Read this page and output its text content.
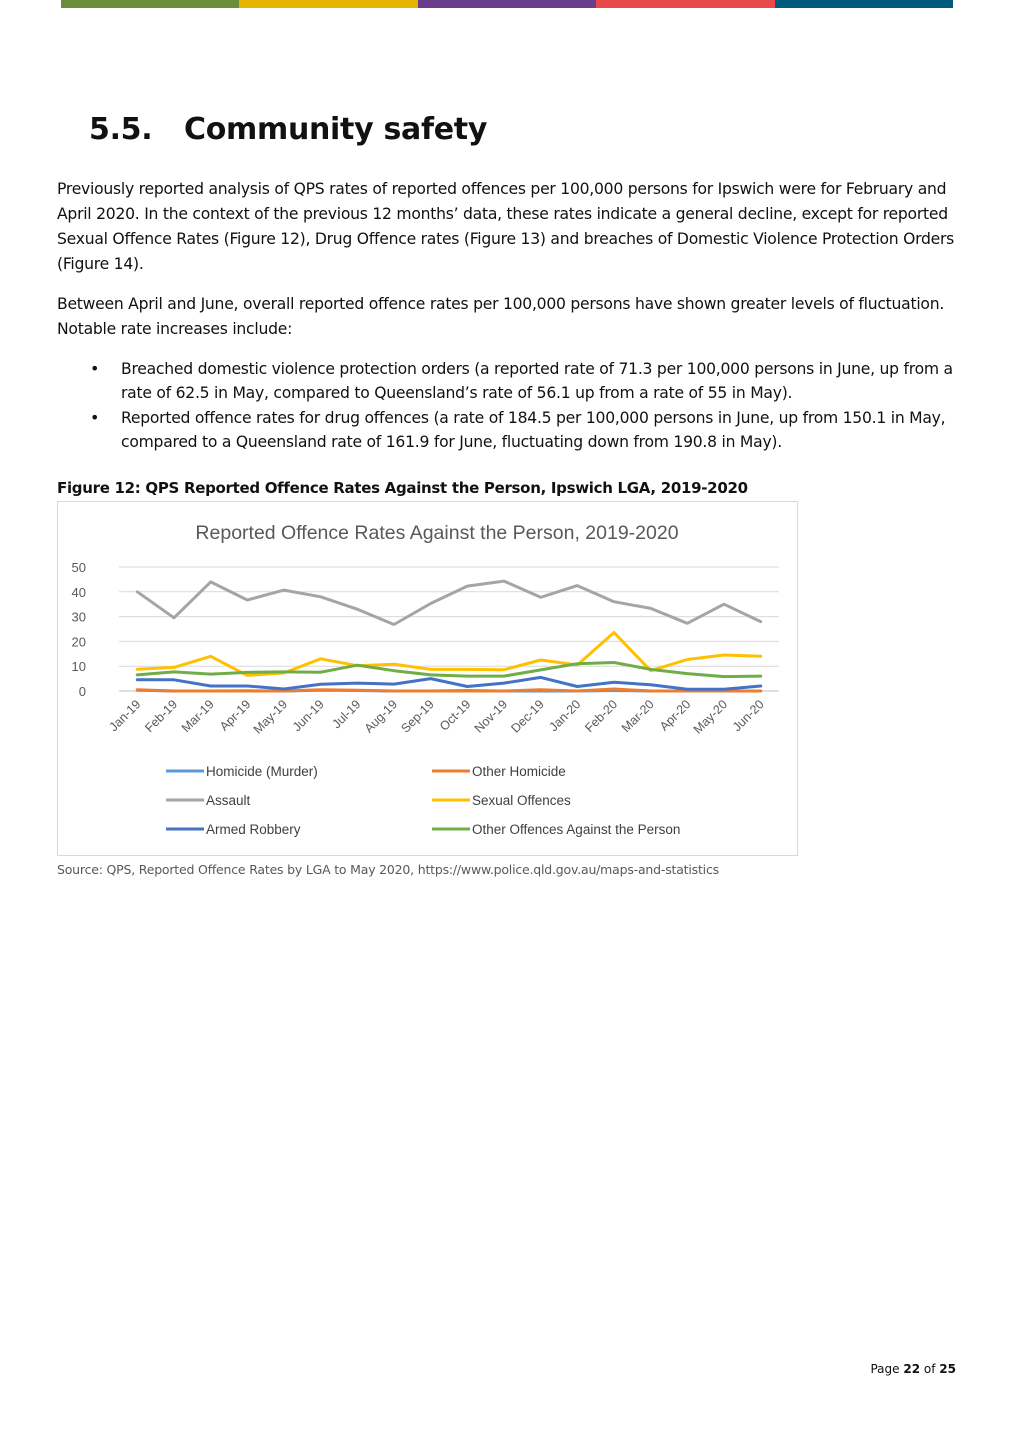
5.5. Community safety

Previously reported analysis of QPS rates of reported offences per 100,000 persons for Ipswich were for February and April 2020. In the context of the previous 12 months’ data, these rates indicate a general decline, except for reported Sexual Offence Rates (Figure 12), Drug Offence rates (Figure 13) and breaches of Domestic Violence Protection Orders (Figure 14).

Between April and June, overall reported offence rates per 100,000 persons have shown greater levels of fluctuation. Notable rate increases include:

• Breached domestic violence protection orders (a reported rate of 71.3 per 100,000 persons in June, up from a rate of 62.5 in May, compared to Queensland’s rate of 56.1 up from a rate of 55 in May).
• Reported offence rates for drug offences (a rate of 184.5 per 100,000 persons in June, up from 150.1 in May, compared to a Queensland rate of 161.9 for June, fluctuating down from 190.8 in May).

Figure 12: QPS Reported Offence Rates Against the Person, Ipswich LGA, 2019-2020

Reported Offence Rates Against the Person, 2019-2020
0
10
20
30
40
50
Jan-19
Feb-19
Mar-19 Apr-19
May-19 Jun-19 Jul-19
Aug-19
Sep-19 Oct-19
Nov-19
Dec-19 Jan-20
Feb-20
Mar-20 Apr-20
May-20 Jun-20
Homicide (Murder)	Other Homicide
Assault	Sexual Offences
Armed Robbery	Other Offences Against the Person

Source: QPS, Reported Offence Rates by LGA to May 2020, https://www.police.qld.gov.au/maps-and-statistics

Page 22 of 25
